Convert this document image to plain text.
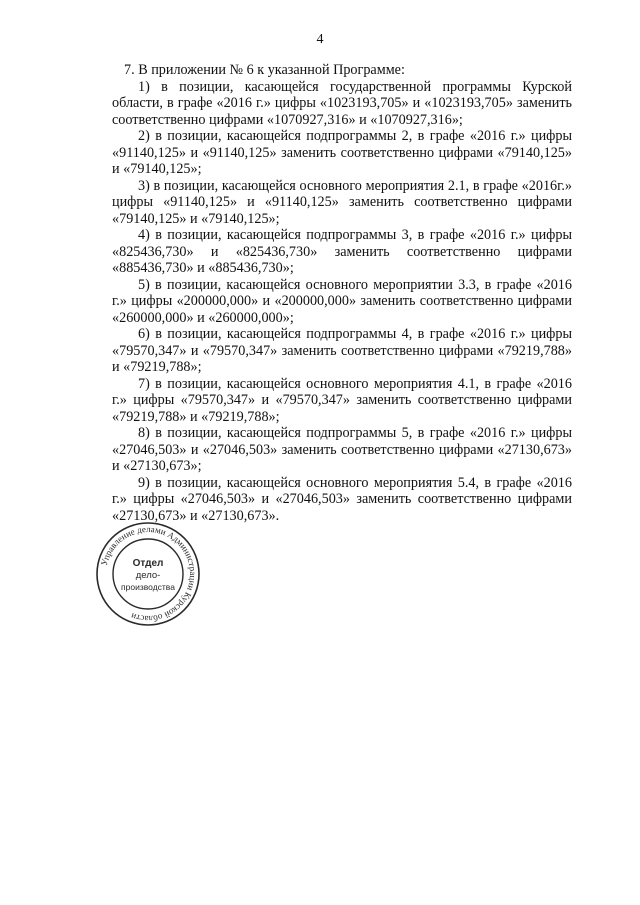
4

7. В приложении № 6 к указанной Программе:

1) в позиции, касающейся государственной программы Курской области, в графе «2016 г.» цифры «1023193,705» и «1023193,705» заменить соответственно цифрами «1070927,316» и «1070927,316»;

2) в позиции, касающейся подпрограммы 2, в графе «2016 г.» цифры «91140,125» и «91140,125» заменить соответственно цифрами «79140,125» и «79140,125»;

3) в позиции, касающейся основного мероприятия 2.1, в графе «2016г.» цифры «91140,125» и «91140,125» заменить соответственно цифрами «79140,125» и «79140,125»;

4) в позиции, касающейся подпрограммы 3, в графе «2016 г.» цифры «825436,730» и «825436,730» заменить соответственно цифрами «885436,730» и «885436,730»;

5) в позиции, касающейся основного мероприятии 3.3, в графе «2016 г.» цифры «200000,000» и «200000,000» заменить соответственно цифрами «260000,000» и «260000,000»;

6) в позиции, касающейся подпрограммы 4, в графе «2016 г.» цифры «79570,347» и «79570,347» заменить соответственно цифрами «79219,788» и «79219,788»;

7) в позиции, касающейся основного мероприятия 4.1, в графе «2016 г.» цифры «79570,347» и «79570,347» заменить соответственно цифрами «79219,788» и «79219,788»;

8) в позиции, касающейся подпрограммы 5, в графе «2016 г.» цифры «27046,503» и «27046,503» заменить соответственно цифрами «27130,673» и «27130,673»;

9) в позиции, касающейся основного мероприятия 5.4, в графе «2016 г.» цифры «27046,503» и «27046,503» заменить соответственно цифрами «27130,673» и «27130,673».

Управление делами Администрации Курской области
Отдел
дело-
производства
